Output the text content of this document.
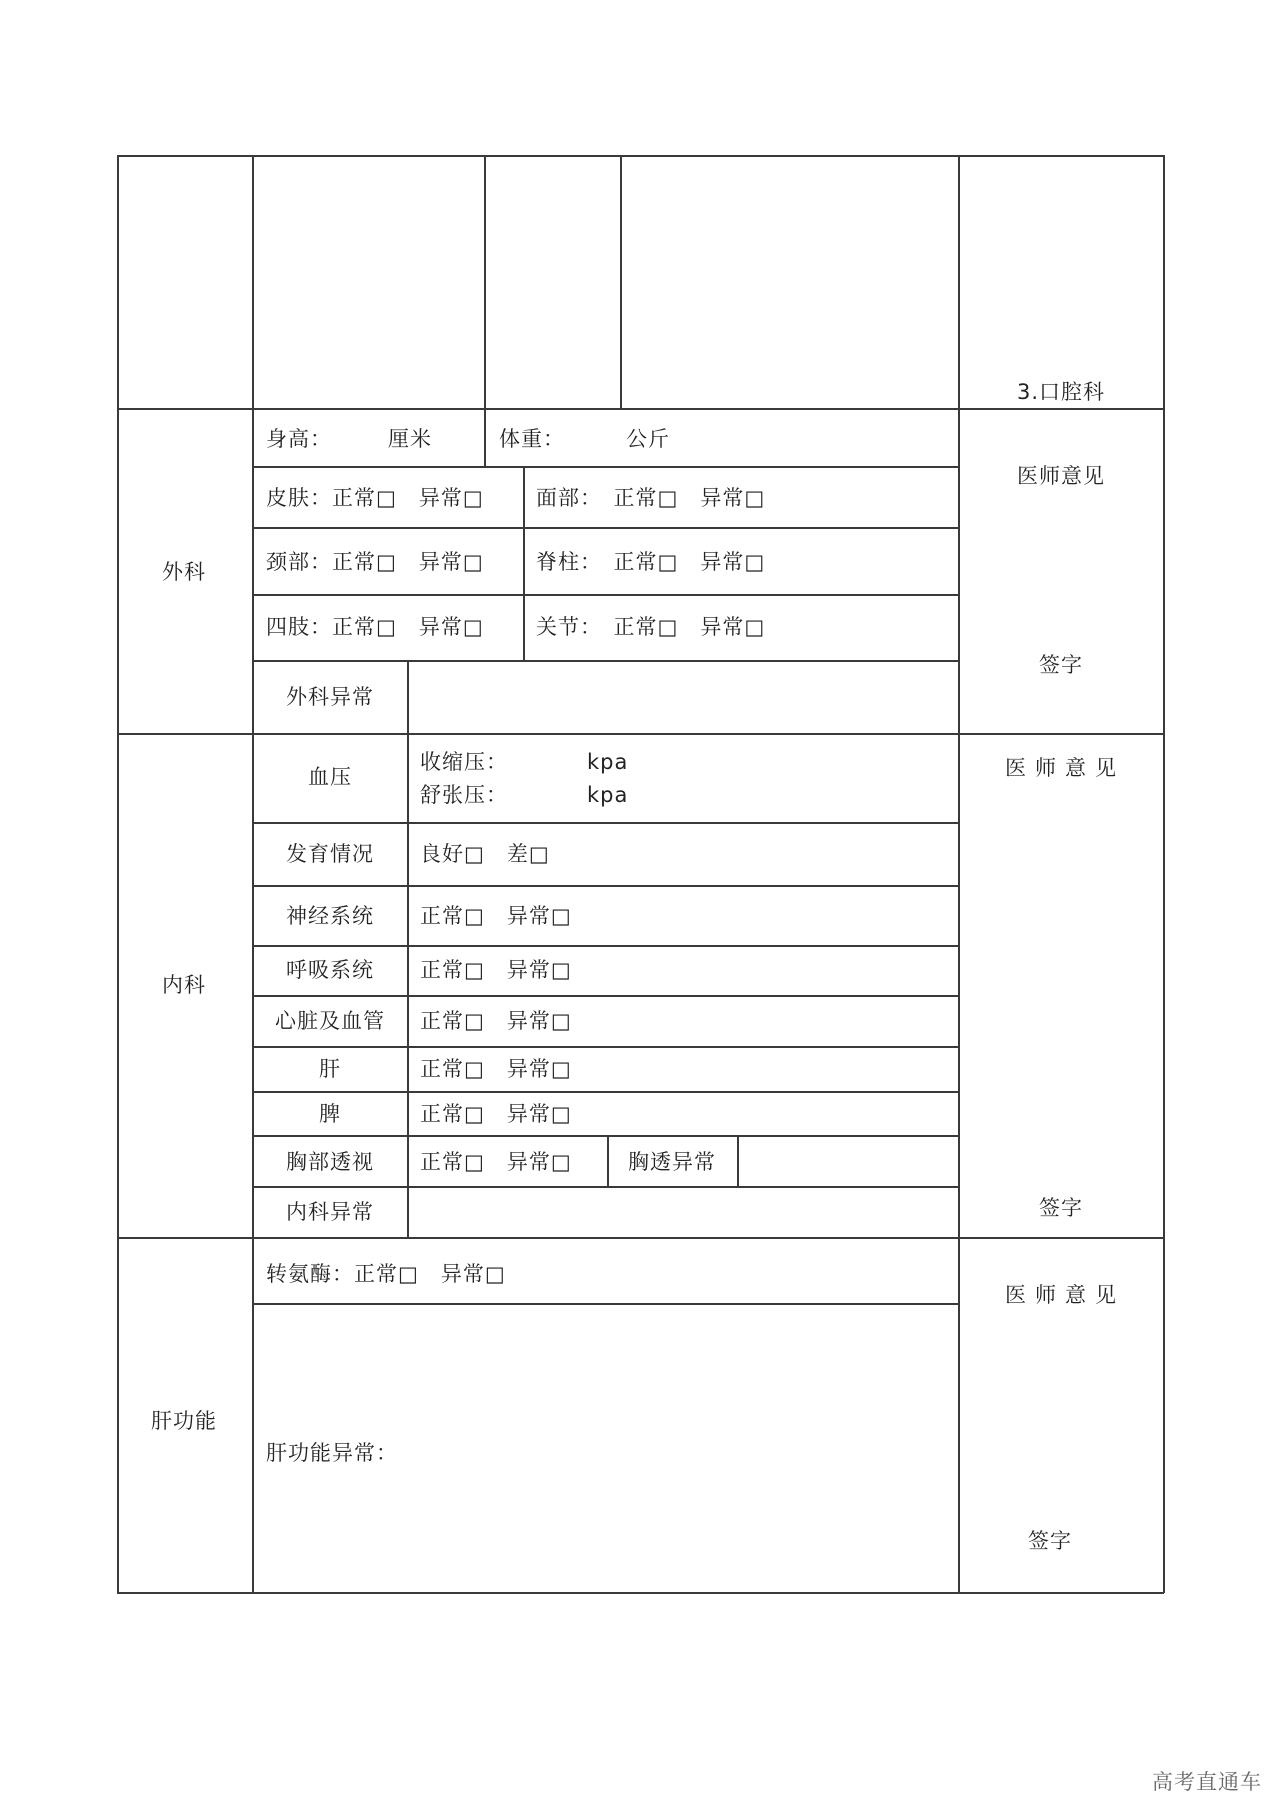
3.口腔科
外科
身高：	厘米	体重：	公斤
皮肤：正常□　异常□ 面部：　正常□　异常□
颈部：正常□　异常□ 脊柱：　正常□　异常□
四肢：正常□　异常□ 关节：　正常□　异常□
外科异常
医师意见
签字
内科
血压
收缩压：	kpa
舒张压：	kpa
发育情况 良好□　差□
神经系统 正常□　异常□
呼吸系统 正常□　异常□
心脏及血管 正常□　异常□
肝	正常□　异常□
脾	正常□　异常□
胸部透视 正常□　异常□	胸透异常
内科异常
医师意见
签字
肝功能
转氨酶：正常□　异常□
肝功能异常：
医师意见
签字
高考直通车
